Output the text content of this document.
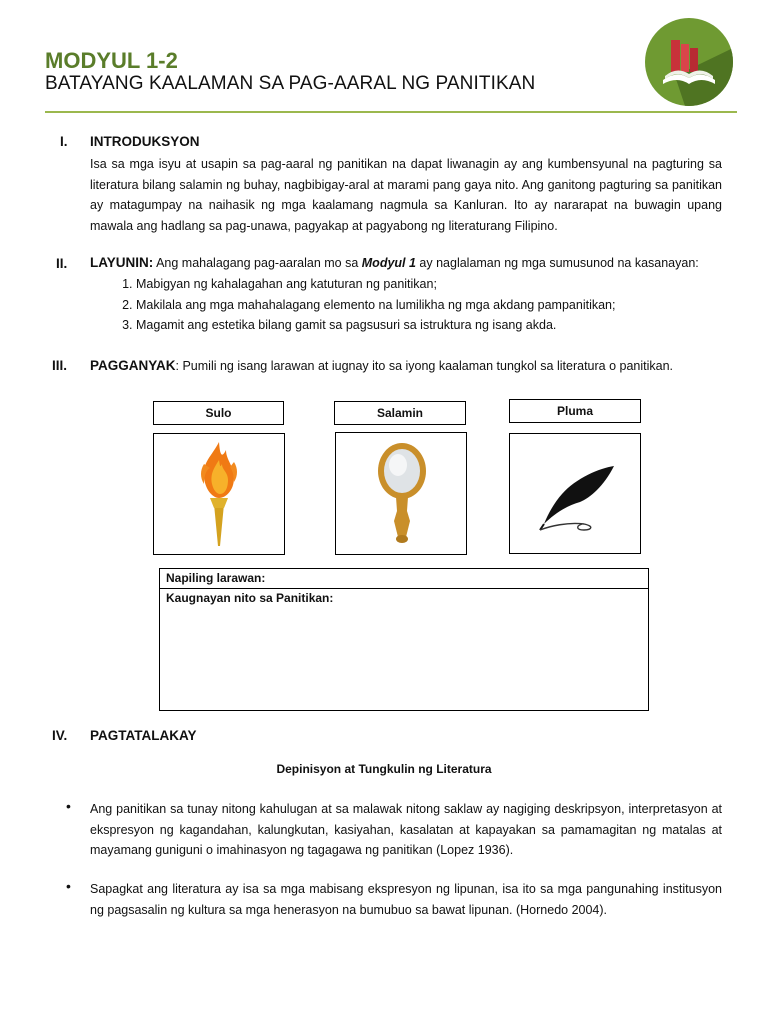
MODYUL 1-2
BATAYANG KAALAMAN SA PAG-AARAL NG PANITIKAN
I. INTRODUKSYON
Isa sa mga isyu at usapin sa pag-aaral ng panitikan na dapat liwanagin ay ang kumbensyunal na pagturing sa literatura bilang salamin ng buhay, nagbibigay-aral at marami pang gaya nito. Ang ganitong pagturing sa panitikan ay matagumpay na naihasik ng mga kaalamang nagmula sa Kanluran. Ito ay nararapat na buwagin upang mawala ang hadlang sa pag-unawa, pagyakap at pagyabong ng literaturang Filipino.
II. LAYUNIN: Ang mahalagang pag-aaralan mo sa Modyul 1 ay naglalaman ng mga sumusunod na kasanayan:
1. Mabigyan ng kahalagahan ang katuturan ng panitikan;
2. Makilala ang mga mahahalagang elemento na lumilikha ng mga akdang pampanitikan;
3. Magamit ang estetika bilang gamit sa pagsusuri sa istruktura ng isang akda.
III. PAGGANYAK: Pumili ng isang larawan at iugnay ito sa iyong kaalaman tungkol sa literatura o panitikan.
Sulo	Salamin	Pluma
Napiling larawan:
Kaugnayan nito sa Panitikan:
IV. PAGTATALAKAY
Depinisyon at Tungkulin ng Literatura
• Ang panitikan sa tunay nitong kahulugan at sa malawak nitong saklaw ay nagiging deskripsyon, interpretasyon at ekspresyon ng kagandahan, kalungkutan, kasiyahan, kasalatan at kapayakan sa pamamagitan ng matalas at mayamang guniguni o imahinasyon ng tagagawa ng panitikan (Lopez 1936).
• Sapagkat ang literatura ay isa sa mga mabisang ekspresyon ng lipunan, isa ito sa mga pangunahing institusyon ng pagsasalin ng kultura sa mga henerasyon na bumubuo sa bawat lipunan. (Hornedo 2004).
